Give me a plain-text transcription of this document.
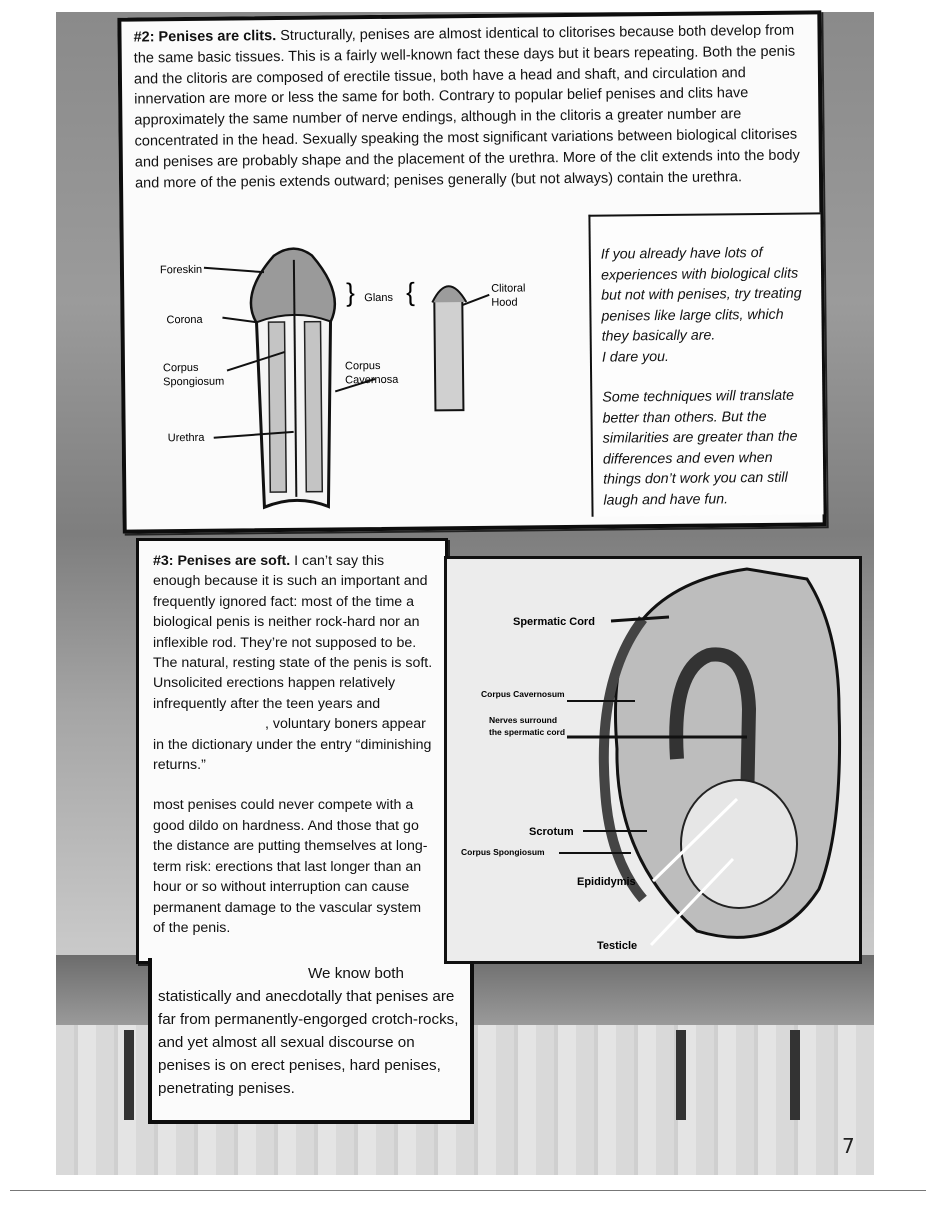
#2: Penises are clits. Structurally, penises are almost identical to clitorises because both develop from the same basic tissues. This is a fairly well-known fact these days but it bears repeating. Both the penis and the clitoris are composed of erectile tissue, both have a head and shaft, and circulation and innervation are more or less the same for both. Contrary to popular belief penises and clits have approximately the same number of nerve endings, although in the clitoris a greater number are concentrated in the head. Sexually speaking the most significant variations between biological clitorises and penises are probably shape and the placement of the urethra. More of the clit extends into the body and more of the penis extends outward; penises generally (but not always) contain the urethra.
Foreskin
Corona
Corpus
Spongiosum
Urethra
} Glans {
Corpus
Cavernosa
Clitoral
Hood

If you already have lots of experiences with biological clits but not with penises, try treating penises like large clits, which they basically are.
I dare you.

Some techniques will translate better than others. But the similarities are greater than the differences and even when things don’t work you can still laugh and have fun.

#3: Penises are soft. I can’t say this enough because it is such an important and frequently ignored fact: most of the time a biological penis is neither rock-hard nor an inflexible rod. They’re not supposed to be. The natural, resting state of the penis is soft. Unsolicited erections happen relatively infrequently after the teen years and
, voluntary boners appear in the dictionary under the entry “diminishing returns.”
most penises could never compete with a good dildo on hardness. And those that go the distance are putting themselves at long-term risk: erections that last longer than an hour or so without interruption can cause permanent damage to the vascular system of the penis.
We know both statistically and anecdotally that penises are far from permanently-engorged crotch-rocks, and yet almost all sexual discourse on penises is on erect penises, hard penises, penetrating penises.
Spermatic Cord
Corpus Cavernosum
Nerves surround
the spermatic cord
Scrotum
Corpus Spongiosum
Epididymis
Testicle
7
